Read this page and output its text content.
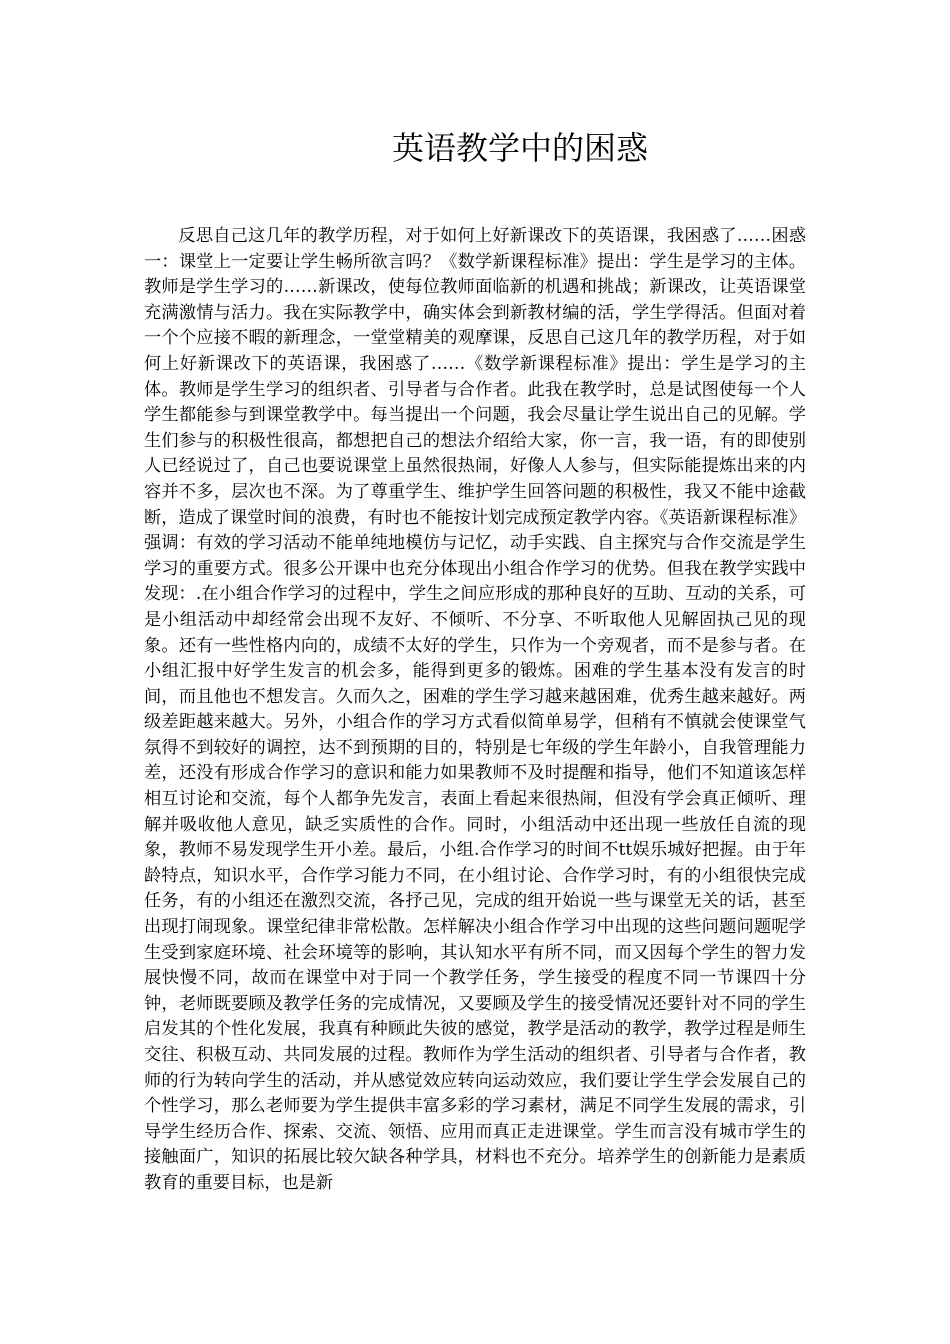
英语教学中的困惑

反思自己这几年的教学历程，对于如何上好新课改下的英语课，我困惑了……困惑一：课堂上一定要让学生畅所欲言吗？《数学新课程标准》提出：学生是学习的主体。教师是学生学习的……新课改，使每位教师面临新的机遇和挑战；新课改，让英语课堂充满激情与活力。我在实际教学中，确实体会到新教材编的活，学生学得活。但面对着一个个应接不暇的新理念，一堂堂精美的观摩课，反思自己这几年的教学历程，对于如何上好新课改下的英语课，我困惑了……《数学新课程标准》提出：学生是学习的主体。教师是学生学习的组织者、引导者与合作者。此我在教学时，总是试图使每一个人学生都能参与到课堂教学中。每当提出一个问题，我会尽量让学生说出自己的见解。学生们参与的积极性很高，都想把自己的想法介绍给大家，你一言，我一语，有的即使别人已经说过了，自己也要说课堂上虽然很热闹，好像人人参与，但实际能提炼出来的内容并不多，层次也不深。为了尊重学生、维护学生回答问题的积极性，我又不能中途截断，造成了课堂时间的浪费，有时也不能按计划完成预定教学内容。《英语新课程标准》强调：有效的学习活动不能单纯地模仿与记忆，动手实践、自主探究与合作交流是学生学习的重要方式。很多公开课中也充分体现出小组合作学习的优势。但我在教学实践中发现：.在小组合作学习的过程中，学生之间应形成的那种良好的互助、互动的关系，可是小组活动中却经常会出现不友好、不倾听、不分享、不听取他人见解固执己见的现象。还有一些性格内向的，成绩不太好的学生，只作为一个旁观者，而不是参与者。在小组汇报中好学生发言的机会多，能得到更多的锻炼。困难的学生基本没有发言的时间，而且他也不想发言。久而久之，困难的学生学习越来越困难，优秀生越来越好。两级差距越来越大。另外，小组合作的学习方式看似简单易学，但稍有不慎就会使课堂气氛得不到较好的调控，达不到预期的目的，特别是七年级的学生年龄小，自我管理能力差，还没有形成合作学习的意识和能力如果教师不及时提醒和指导，他们不知道该怎样相互讨论和交流，每个人都争先发言，表面上看起来很热闹，但没有学会真正倾听、理解并吸收他人意见，缺乏实质性的合作。同时，小组活动中还出现一些放任自流的现象，教师不易发现学生开小差。最后，小组.合作学习的时间不tt娱乐城好把握。由于年龄特点，知识水平，合作学习能力不同，在小组讨论、合作学习时，有的小组很快完成任务，有的小组还在激烈交流，各抒己见，完成的组开始说一些与课堂无关的话，甚至出现打闹现象。课堂纪律非常松散。怎样解决小组合作学习中出现的这些问题问题呢学生受到家庭环境、社会环境等的影响，其认知水平有所不同，而又因每个学生的智力发展快慢不同，故而在课堂中对于同一个教学任务，学生接受的程度不同一节课四十分钟，老师既要顾及教学任务的完成情况，又要顾及学生的接受情况还要针对不同的学生启发其的个性化发展，我真有种顾此失彼的感觉，教学是活动的教学，教学过程是师生交往、积极互动、共同发展的过程。教师作为学生活动的组织者、引导者与合作者，教师的行为转向学生的活动，并从感觉效应转向运动效应，我们要让学生学会发展自己的个性学习，那么老师要为学生提供丰富多彩的学习素材，满足不同学生发展的需求，引导学生经历合作、探索、交流、领悟、应用而真正走进课堂。学生而言没有城市学生的接触面广，知识的拓展比较欠缺各种学具，材料也不充分。培养学生的创新能力是素质教育的重要目标，也是新
